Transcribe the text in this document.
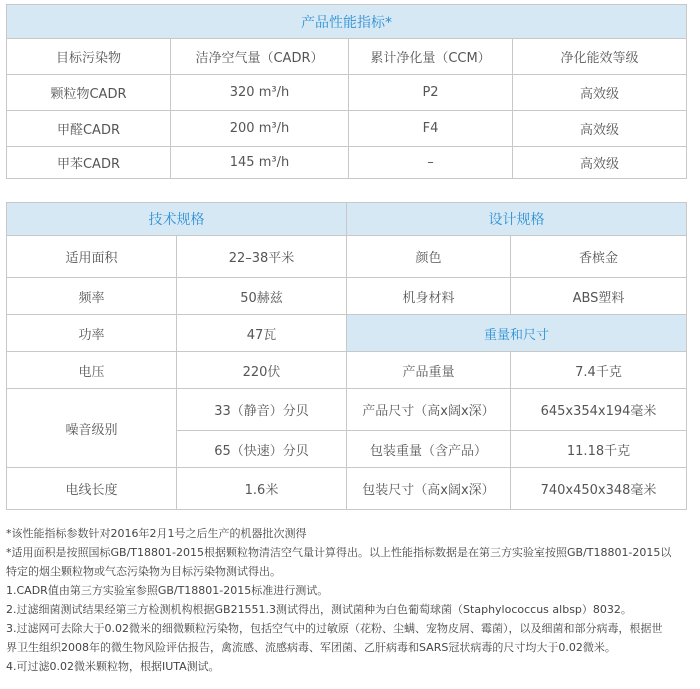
产品性能指标*			
目标污染物	洁净空气量（CADR）	累计净化量（CCM）	净化能效等级
颗粒物CADR	320 m³/h	P2	高效级
甲醛CADR	200 m³/h	F4	高效级
甲苯CADR	145 m³/h	–	高效级
技术规格		设计规格	
适用面积	22–38平米	颜色	香槟金
频率	50赫兹	机身材料	ABS塑料
功率	47瓦	重量和尺寸	
电压	220伏	产品重量	7.4千克
噪音级别	33（静音）分贝	产品尺寸（高x阔x深）	645x354x194毫米
	65（快速）分贝	包装重量（含产品）	11.18千克
电线长度	1.6米	包装尺寸（高x阔x深）	740x450x348毫米

*该性能指标参数针对2016年2月1号之后生产的机器批次测得

*适用面积是按照国标GB/T18801-2015根据颗粒物清洁空气量计算得出。以上性能指标数据是在第三方实验室按照GB/T18801-2015以

特定的烟尘颗粒物或气态污染物为目标污染物测试得出。

1.CADR值由第三方实验室参照GB/T18801-2015标准进行测试。

2.过滤细菌测试结果经第三方检测机构根据GB21551.3测试得出，测试菌种为白色葡萄球菌（Staphylococcus albsp）8032。

3.过滤网可去除大于0.02微米的细微颗粒污染物，包括空气中的过敏原（花粉、尘螨、宠物皮屑、霉菌），以及细菌和部分病毒，根据世

界卫生组织2008年的微生物风险评估报告，禽流感、流感病毒、军团菌、乙肝病毒和SARS冠状病毒的尺寸均大于0.02微米。

4.可过滤0.02微米颗粒物，根据IUTA测试。
